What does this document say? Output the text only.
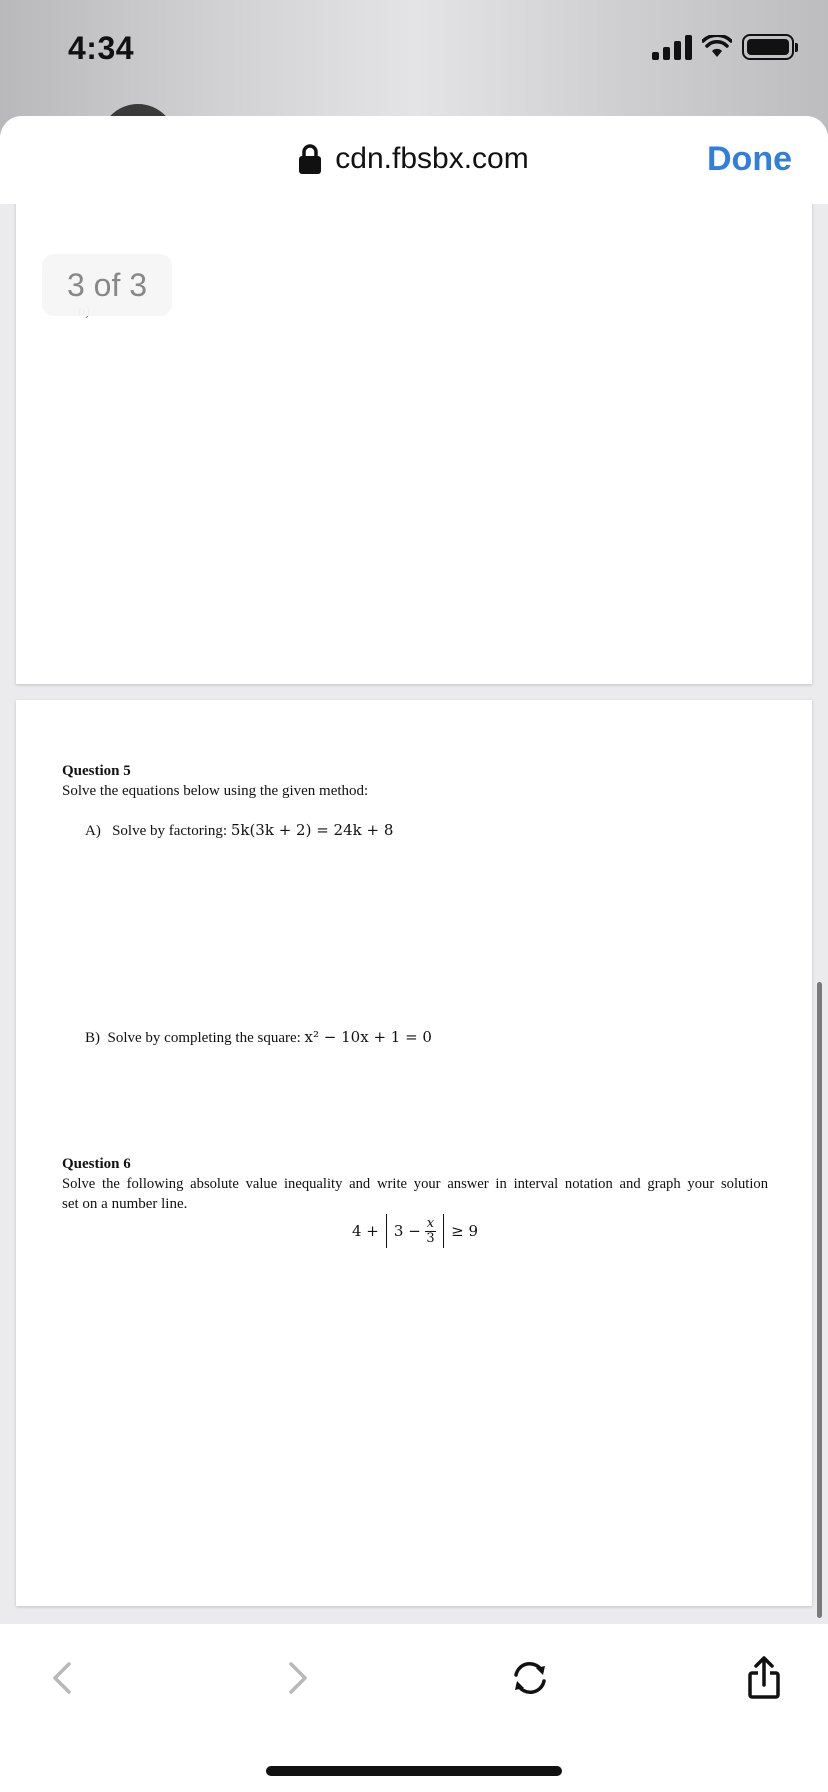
4:34
cdn.fbsbx.com	Done
3 of 3
Question 5
Solve the equations below using the given method:
A) Solve by factoring: 5k(3k + 2) = 24k + 8
B) Solve by completing the square: x² − 10x + 1 = 0
Question 6
Solve the following absolute value inequality and write your answer in interval notation and graph your solution
set on a number line.
$4 + 3 - \frac{x}{3} \ge 9$
